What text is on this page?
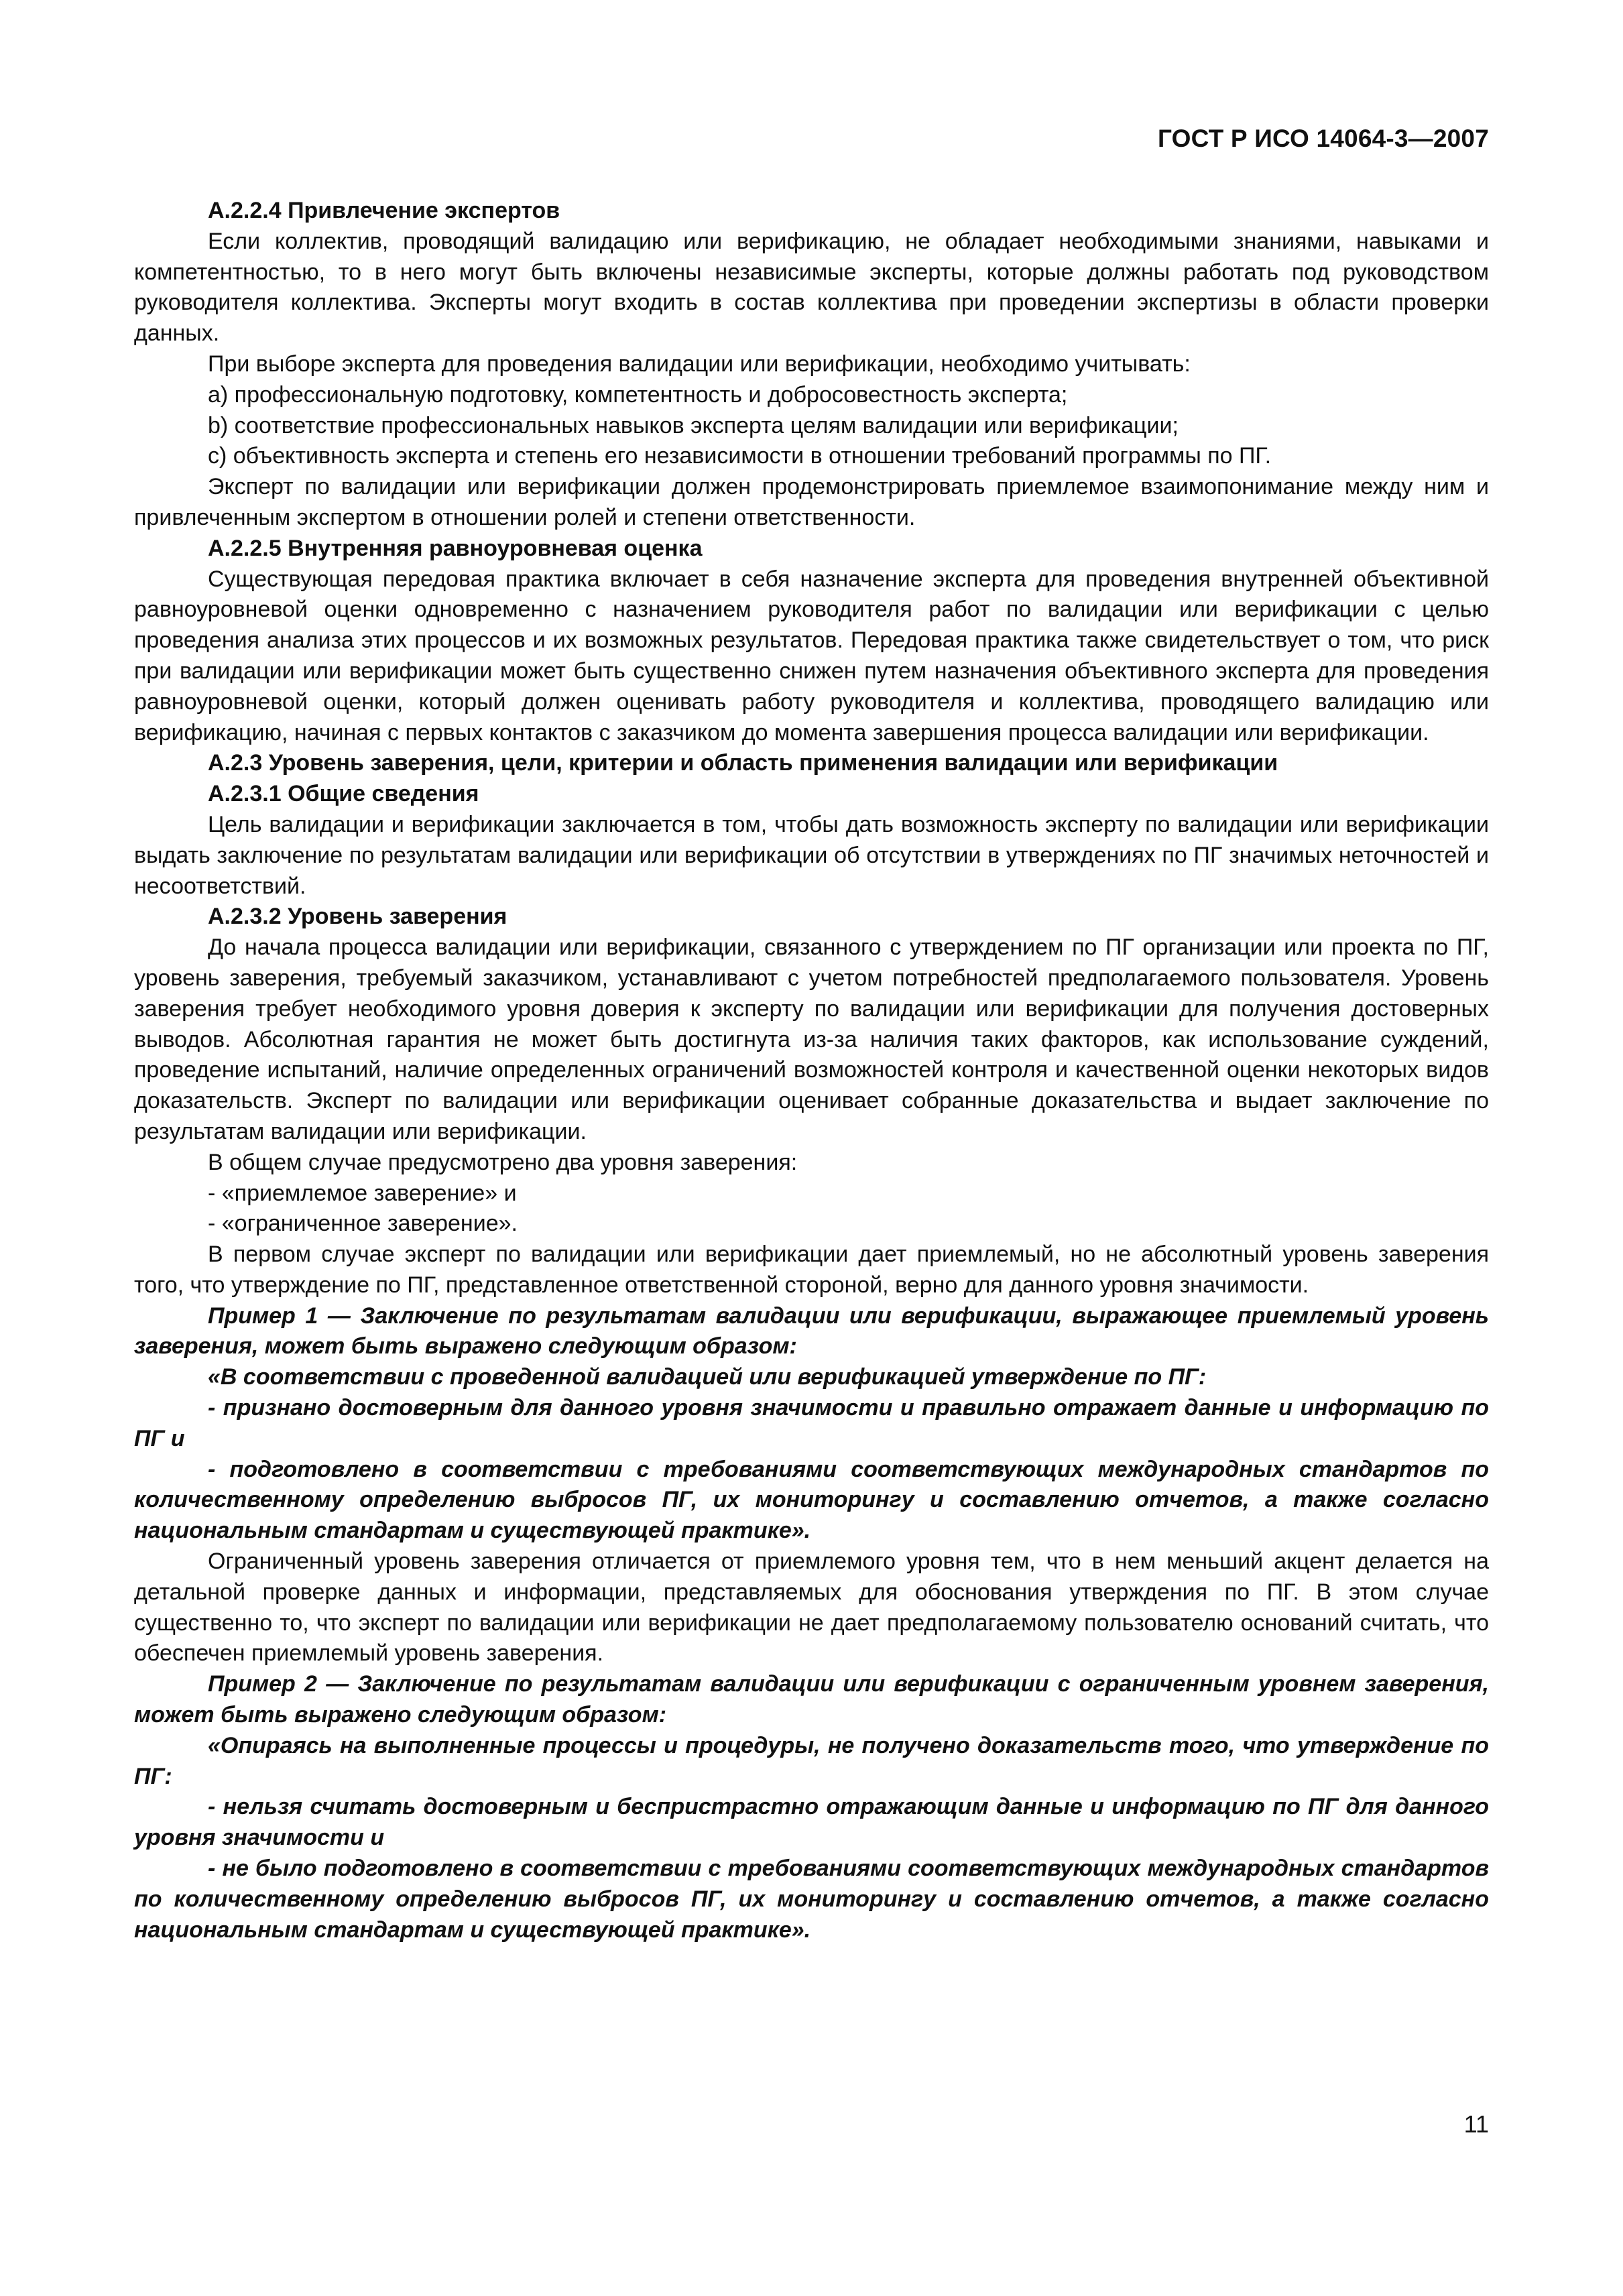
ГОСТ Р ИСО 14064-3—2007
А.2.2.4 Привлечение экспертов
Если коллектив, проводящий валидацию или верификацию, не обладает необходимыми знаниями, навыками и компетентностью, то в него могут быть включены независимые эксперты, которые должны работать под руководством руководителя коллектива. Эксперты могут входить в состав коллектива при проведении экспертизы в области проверки данных.
При выборе эксперта для проведения валидации или верификации, необходимо учитывать:
a) профессиональную подготовку, компетентность и добросовестность эксперта;
b) соответствие профессиональных навыков эксперта целям валидации или верификации;
c) объективность эксперта и степень его независимости в отношении требований программы по ПГ.
Эксперт по валидации или верификации должен продемонстрировать приемлемое взаимопонимание между ним и привлеченным экспертом в отношении ролей и степени ответственности.
А.2.2.5 Внутренняя равноуровневая оценка
Существующая передовая практика включает в себя назначение эксперта для проведения внутренней объективной равноуровневой оценки одновременно с назначением руководителя работ по валидации или верификации с целью проведения анализа этих процессов и их возможных результатов. Передовая практика также свидетельствует о том, что риск при валидации или верификации может быть существенно снижен путем назначения объективного эксперта для проведения равноуровневой оценки, который должен оценивать работу руководителя и коллектива, проводящего валидацию или верификацию, начиная с первых контактов с заказчиком до момента завершения процесса валидации или верификации.
А.2.3 Уровень заверения, цели, критерии и область применения валидации или верификации
А.2.3.1 Общие сведения
Цель валидации и верификации заключается в том, чтобы дать возможность эксперту по валидации или верификации выдать заключение по результатам валидации или верификации об отсутствии в утверждениях по ПГ значимых неточностей и несоответствий.
А.2.3.2 Уровень заверения
До начала процесса валидации или верификации, связанного с утверждением по ПГ организации или проекта по ПГ, уровень заверения, требуемый заказчиком, устанавливают с учетом потребностей предполагаемого пользователя. Уровень заверения требует необходимого уровня доверия к эксперту по валидации или верификации для получения достоверных выводов. Абсолютная гарантия не может быть достигнута из-за наличия таких факторов, как использование суждений, проведение испытаний, наличие определенных ограничений возможностей контроля и качественной оценки некоторых видов доказательств. Эксперт по валидации или верификации оценивает собранные доказательства и выдает заключение по результатам валидации или верификации.
В общем случае предусмотрено два уровня заверения:
- «приемлемое заверение» и
- «ограниченное заверение».
В первом случае эксперт по валидации или верификации дает приемлемый, но не абсолютный уровень заверения того, что утверждение по ПГ, представленное ответственной стороной, верно для данного уровня значимости.
Пример 1 — Заключение по результатам валидации или верификации, выражающее приемлемый уровень заверения, может быть выражено следующим образом:
«В соответствии с проведенной валидацией или верификацией утверждение по ПГ:
- признано достоверным для данного уровня значимости и правильно отражает данные и информацию по ПГ и
- подготовлено в соответствии с требованиями соответствующих международных стандартов по количественному определению выбросов ПГ, их мониторингу и составлению отчетов, а также согласно национальным стандартам и существующей практике».
Ограниченный уровень заверения отличается от приемлемого уровня тем, что в нем меньший акцент делается на детальной проверке данных и информации, представляемых для обоснования утверждения по ПГ. В этом случае существенно то, что эксперт по валидации или верификации не дает предполагаемому пользователю оснований считать, что обеспечен приемлемый уровень заверения.
Пример 2 — Заключение по результатам валидации или верификации с ограниченным уровнем заверения, может быть выражено следующим образом:
«Опираясь на выполненные процессы и процедуры, не получено доказательств того, что утверждение по ПГ:
- нельзя считать достоверным и беспристрастно отражающим данные и информацию по ПГ для данного уровня значимости и
- не было подготовлено в соответствии с требованиями соответствующих международных стандартов по количественному определению выбросов ПГ, их мониторингу и составлению отчетов, а также согласно национальным стандартам и существующей практике».
11
